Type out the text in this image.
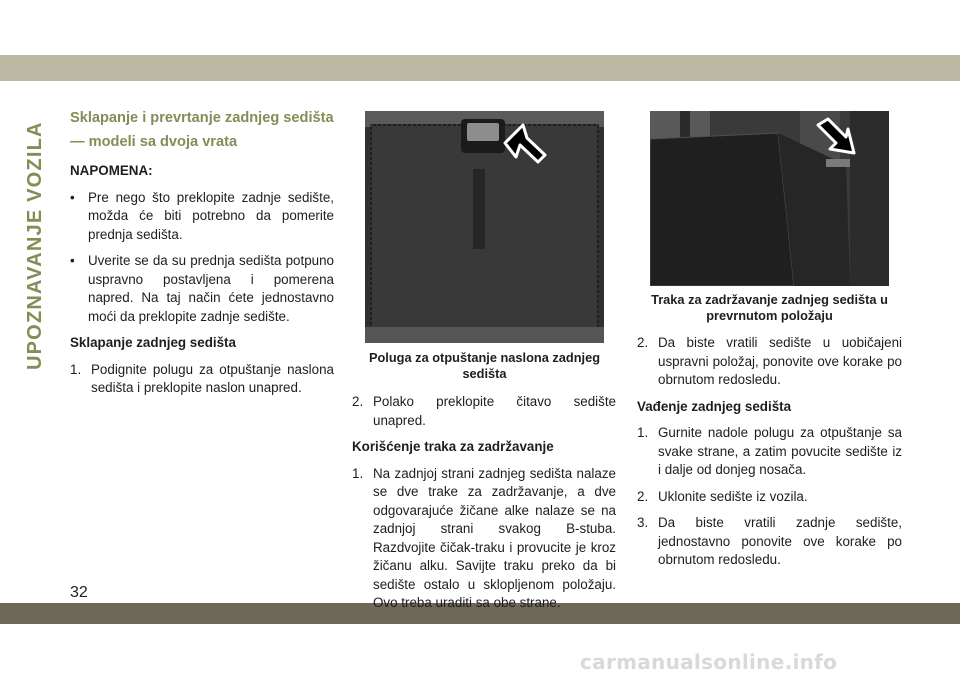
UPOZNAVANJE VOZILA
32
Sklapanje i prevrtanje zadnjeg sedišta — modeli sa dvoja vrata
NAPOMENA:
• Pre nego što preklopite zadnje sedište, možda će biti potrebno da pomerite prednja sedišta.
• Uverite se da su prednja sedišta potpuno uspravno postavljena i pomerena napred. Na taj način ćete jednostavno moći da preklopite zadnje sedište.
Sklapanje zadnjeg sedišta
1. Podignite polugu za otpuštanje naslona sedišta i preklopite naslon unapred.
Poluga za otpuštanje naslona zadnjeg sedišta
2. Polako preklopite čitavo sedište unapred.
Korišćenje traka za zadržavanje
1. Na zadnjoj strani zadnjeg sedišta nalaze se dve trake za zadržavanje, a dve odgovarajuće žičane alke nalaze se na zadnjoj strani svakog B-stuba. Razdvojite čičak-traku i provucite je kroz žičanu alku. Savijte traku preko da bi sedište ostalo u sklopljenom položaju. Ovo treba uraditi sa obe strane.
Traka za zadržavanje zadnjeg sedišta u prevrnutom položaju
2. Da biste vratili sedište u uobičajeni uspravni položaj, ponovite ove korake po obrnutom redosledu.
Vađenje zadnjeg sedišta
1. Gurnite nadole polugu za otpuštanje sa svake strane, a zatim povucite sedište iz i dalje od donjeg nosača.
2. Uklonite sedište iz vozila.
3. Da biste vratili zadnje sedište, jednostavno ponovite ove korake po obrnutom redosledu.
carmanualsonline.info
